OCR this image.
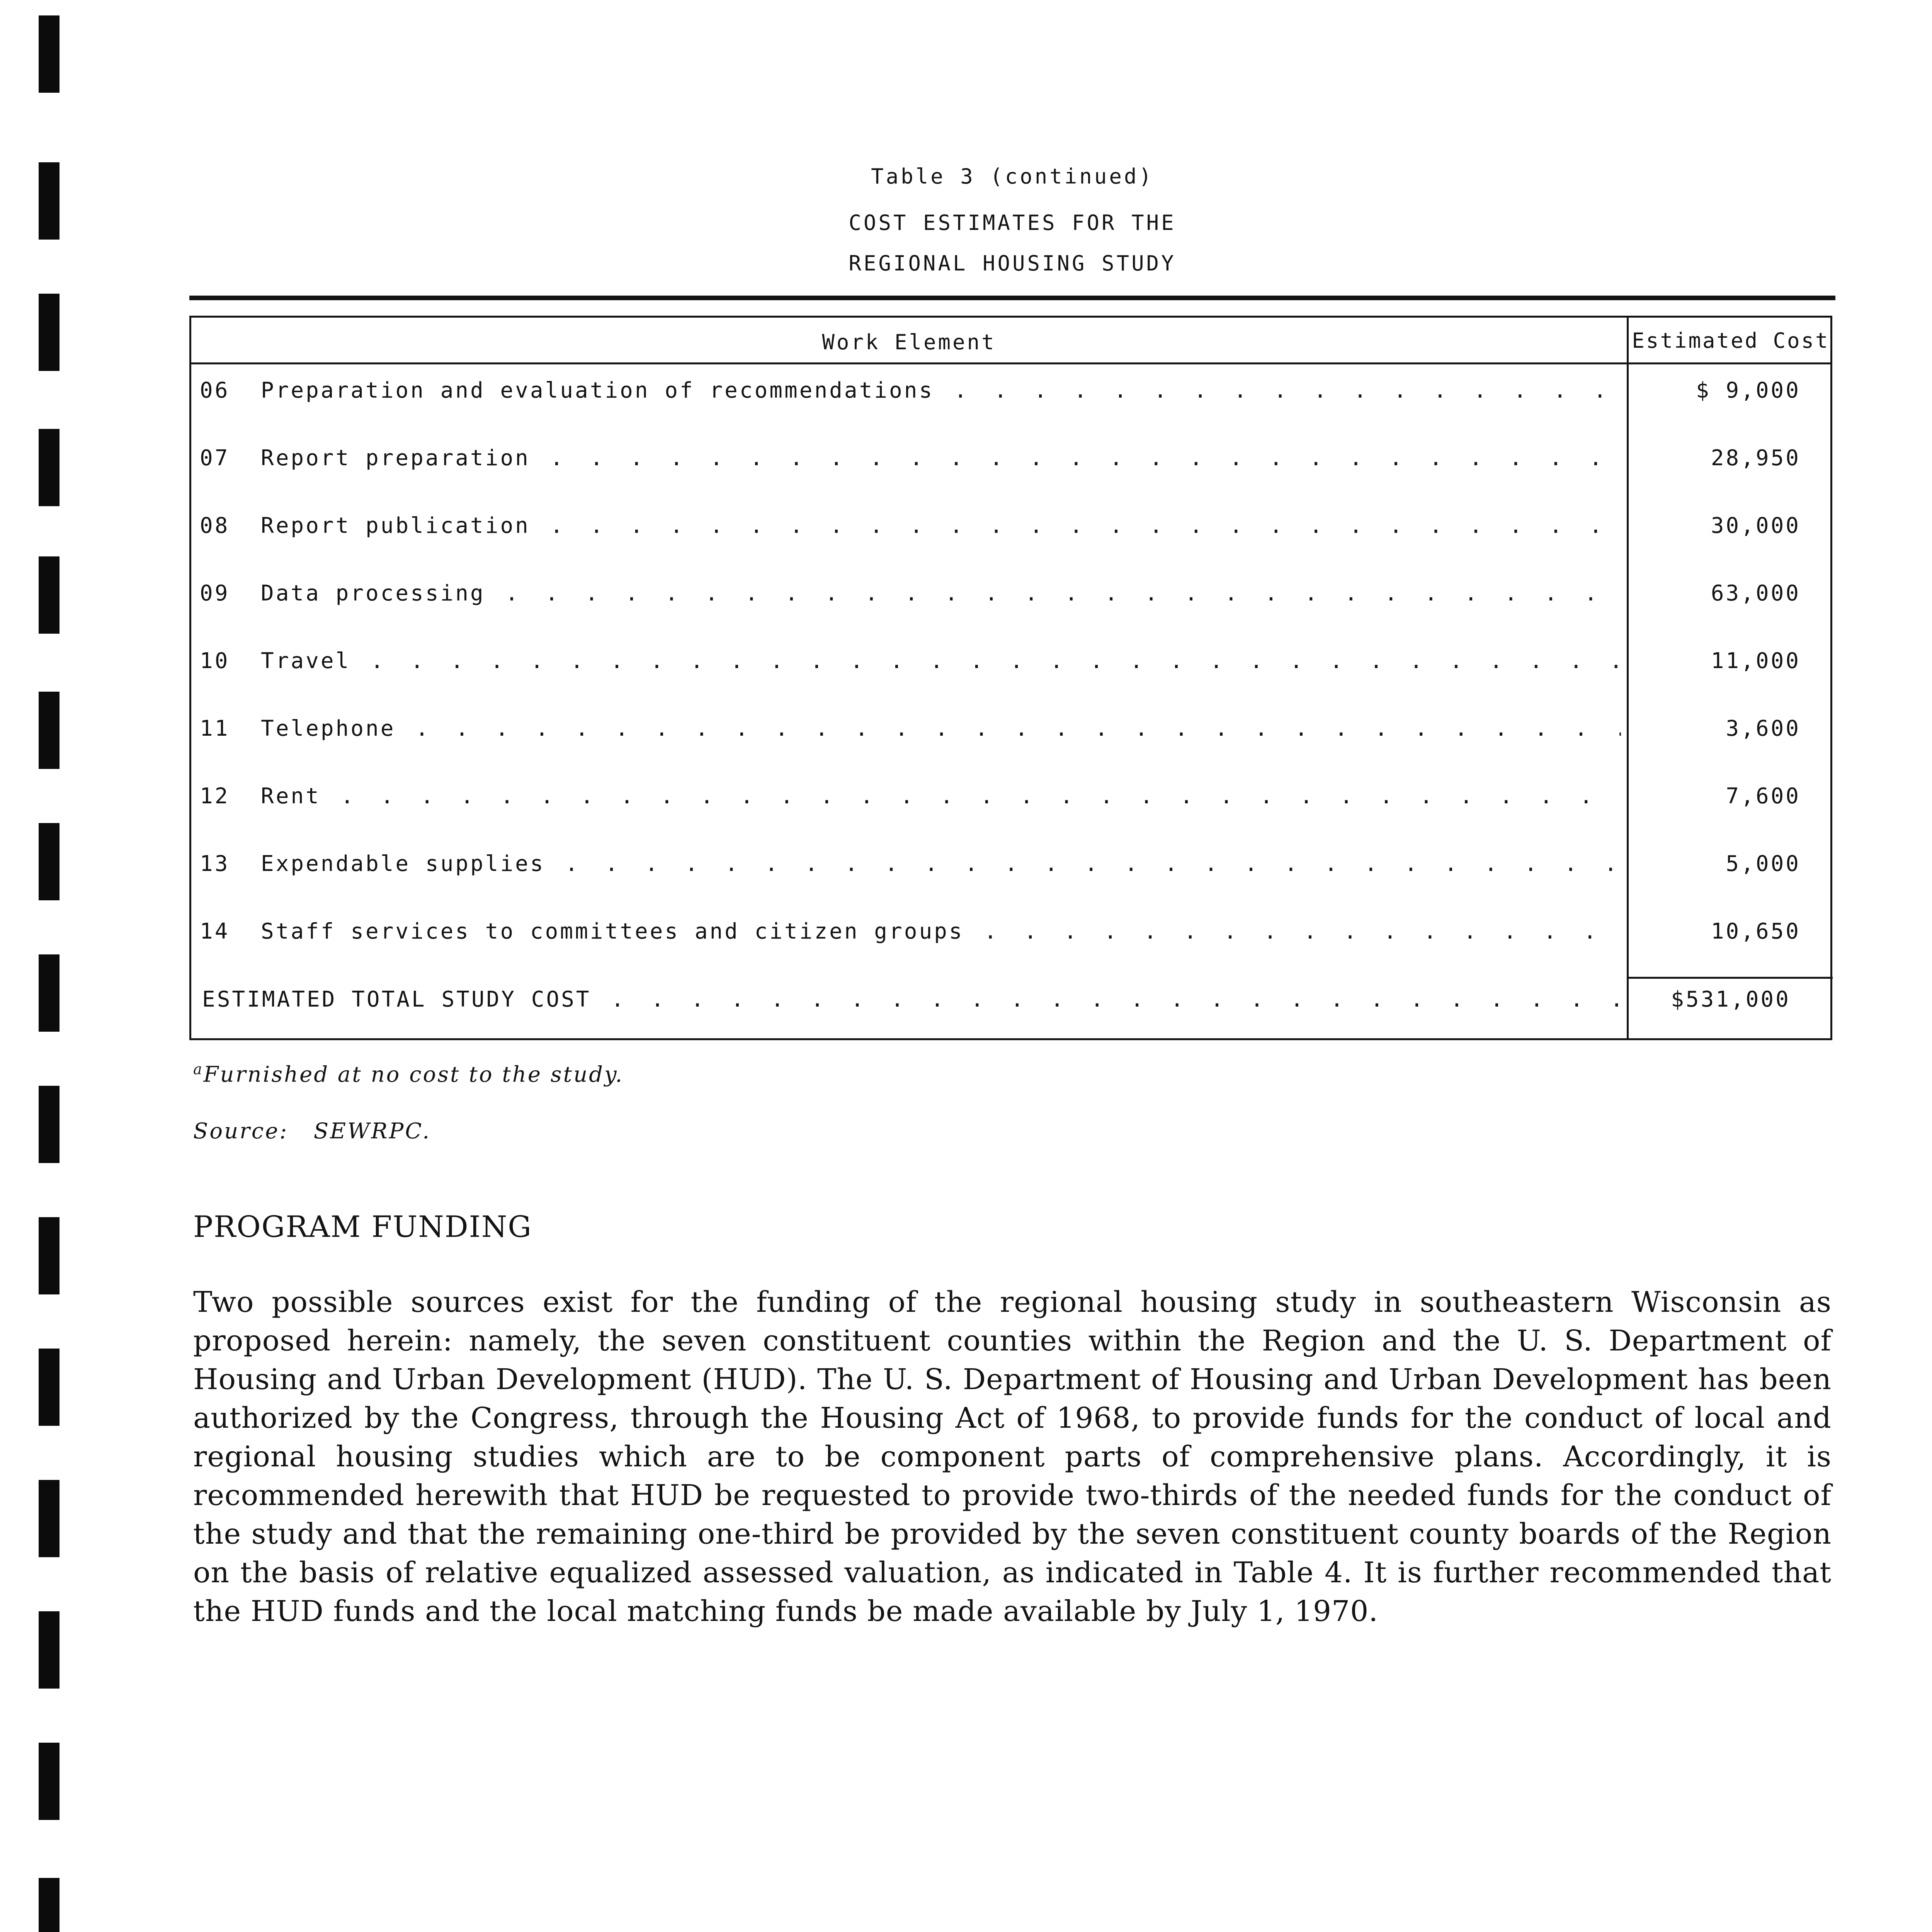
Table 3 (continued)
COST ESTIMATES FOR THE
REGIONAL HOUSING STUDY
Work Element	Estimated Cost
06 Preparation and evaluation of recommendations . . .	$ 9,000
07 Report preparation . . .	28,950
08 Report publication . . .	30,000
09 Data processing . . .	63,000
10 Travel . . .	11,000
11 Telephone . . .	3,600
12 Rent . . .	7,600
13 Expendable supplies . . .	5,000
14 Staff services to committees and citizen groups . . .	10,650
ESTIMATED TOTAL STUDY COST . . .	$531,000
$^a$Furnished at no cost to the study.
Source: SEWRPC.
PROGRAM FUNDING
Two possible sources exist for the funding of the regional housing study in southeastern Wisconsin as proposed herein: namely, the seven constituent counties within the Region and the U. S. Department of Housing and Urban Development (HUD). The U. S. Department of Housing and Urban Development has been authorized by the Congress, through the Housing Act of 1968, to provide funds for the conduct of local and regional housing studies which are to be component parts of comprehensive plans. Accordingly, it is recommended herewith that HUD be requested to provide two-thirds of the needed funds for the conduct of the study and that the remaining one-third be provided by the seven constituent county boards of the Region on the basis of relative equalized assessed valuation, as indicated in Table 4. It is further recommended that the HUD funds and the local matching funds be made available by July 1, 1970.
